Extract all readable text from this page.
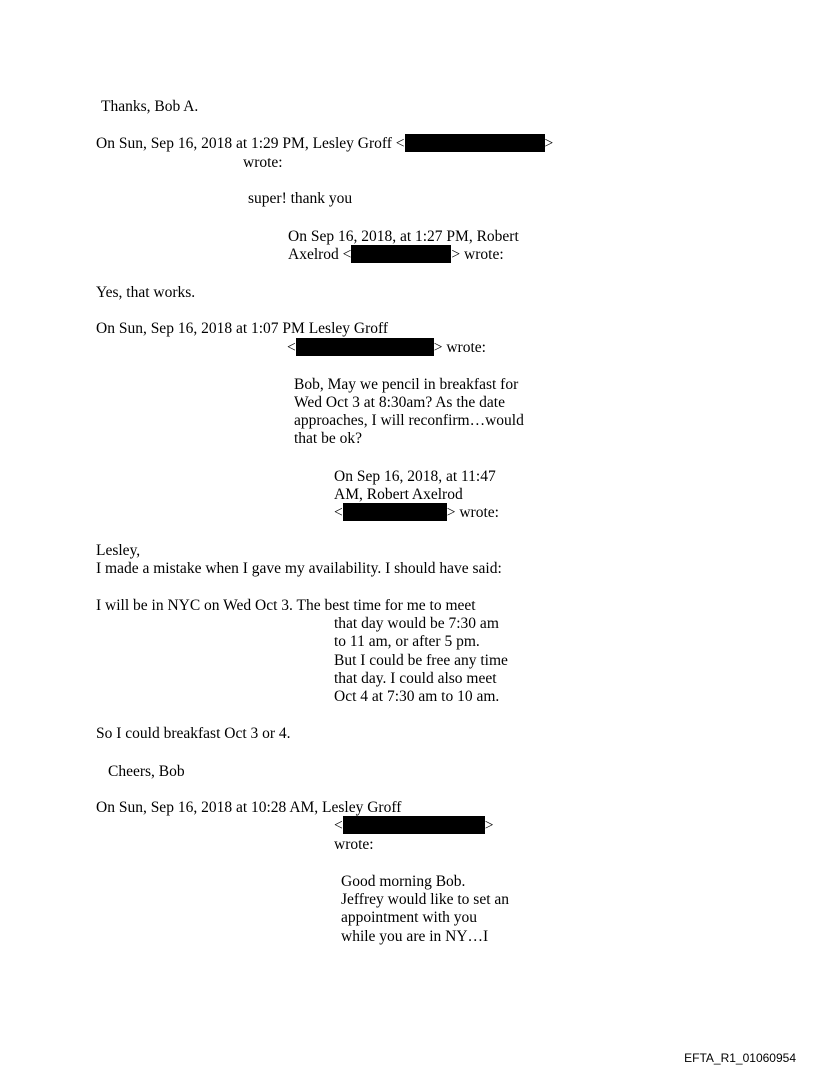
Thanks, Bob A.
On Sun, Sep 16, 2018 at 1:29 PM, Lesley Groff <	>
wrote:
super! thank you
On Sep 16, 2018, at 1:27 PM, Robert
Axelrod <	> wrote:
Yes, that works.
On Sun, Sep 16, 2018 at 1:07 PM Lesley Groff
<	> wrote:
Bob, May we pencil in breakfast for
Wed Oct 3 at 8:30am? As the date
approaches, I will reconfirm…would
that be ok?
On Sep 16, 2018, at 11:47
AM, Robert Axelrod
<	> wrote:
Lesley,
I made a mistake when I gave my availability. I should have said:
I will be in NYC on Wed Oct 3. The best time for me to meet
that day would be 7:30 am
to 11 am, or after 5 pm.
But I could be free any time
that day. I could also meet
Oct 4 at 7:30 am to 10 am.
So I could breakfast Oct 3 or 4.
Cheers, Bob
On Sun, Sep 16, 2018 at 10:28 AM, Lesley Groff
<	>
wrote:
Good morning Bob.
Jeffrey would like to set an
appointment with you
while you are in NY…I
EFTA_R1_01060954
